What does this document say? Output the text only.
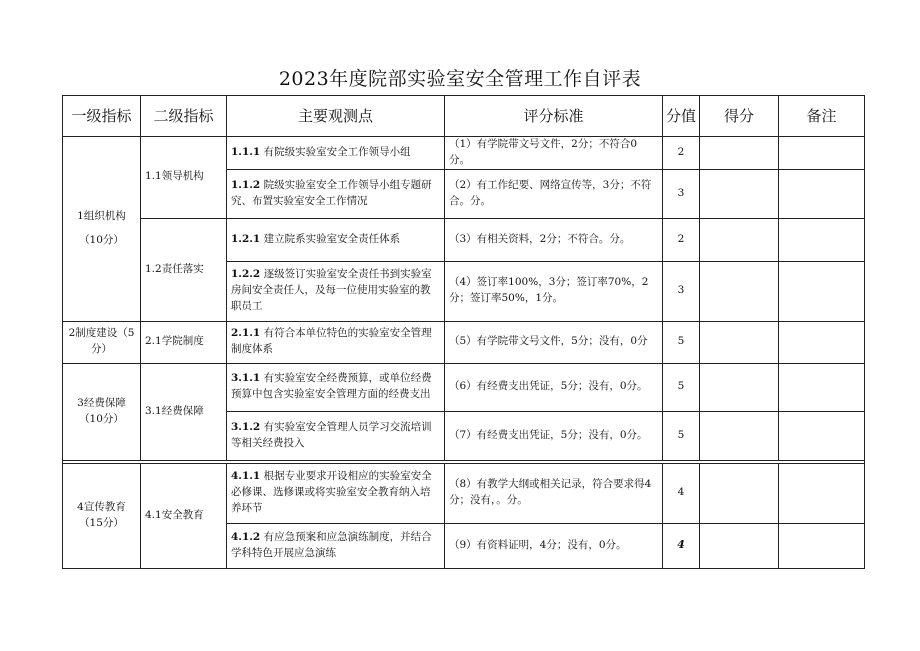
2023年度院部实验室安全管理工作自评表
一级指标	二级指标	主要观测点	评分标准	分值	得分	备注

1组织机构
（10分）	1.1领导机构	1.1.1 有院级实验室安全工作领导小组	（1）有学院带文号文件，2分；不符合0分。	2		
		1.1.2 院级实验室安全工作领导小组专题研究、布置实验室安全工作情况	（2）有工作纪要、网络宣传等，3分；不符合。分。	3		
	1.2责任落实	1.2.1 建立院系实验室安全责任体系	（3）有相关资料，2分；不符合。分。	2		
		1.2.2 逐级签订实验室安全责任书到实验室房间安全责任人，及每一位使用实验室的教职员工	（4）签订率100%，3分；签订率70%，2分；签订率50%，1分。	3		
2制度建设（5分）	2.1学院制度	2.1.1 有符合本单位特色的实验室安全管理制度体系	（5）有学院带文号文件，5分；没有，0分	5		
3经费保障（10分）	3.1经费保障	3.1.1 有实验室安全经费预算，或单位经费预算中包含实验室安全管理方面的经费支出	（6）有经费支出凭证，5分；没有，0分。	5		
		3.1.2 有实验室安全管理人员学习交流培训等相关经费投入	（7）有经费支出凭证，5分；没有，0分。	5		

4宣传教育（15分）	4.1安全教育	4.1.1 根据专业要求开设相应的实验室安全必修课、选修课或将实验室安全教育纳入培养环节	（8）有教学大纲或相关记录，符合要求得4分；没有，。分。	4		
		4.1.2 有应急预案和应急演练制度，并结合学科特色开展应急演练	（9）有资料证明，4分；没有，0分。	4		
